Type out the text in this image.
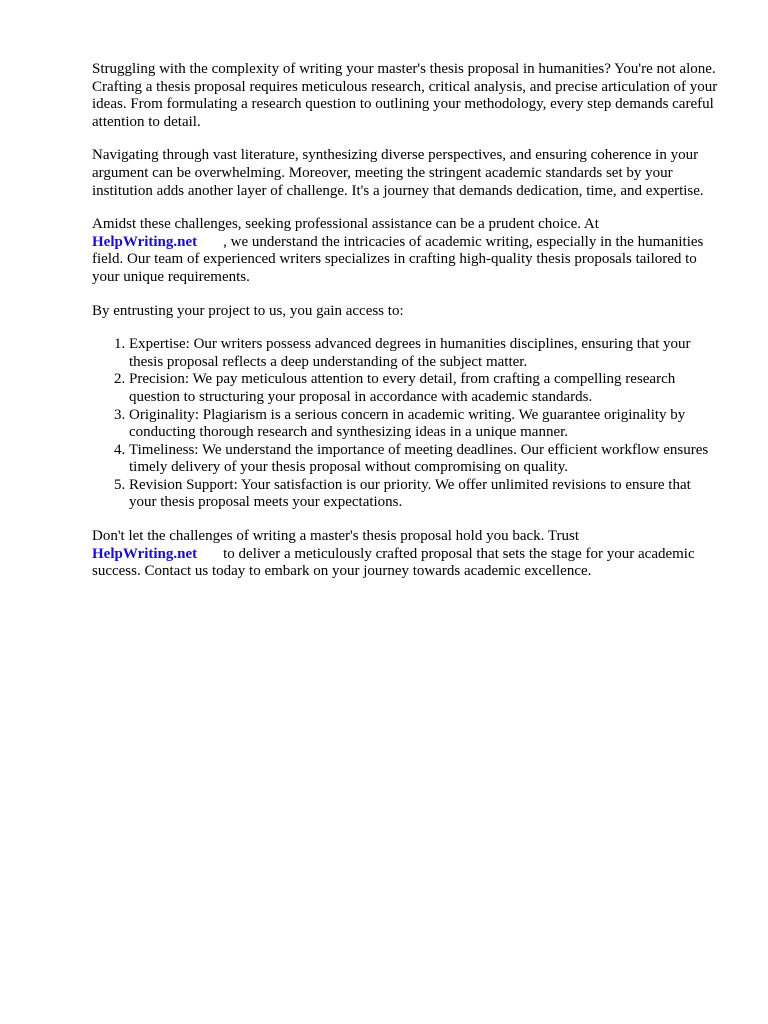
Struggling with the complexity of writing your master's thesis proposal in humanities? You're not alone. Crafting a thesis proposal requires meticulous research, critical analysis, and precise articulation of your ideas. From formulating a research question to outlining your methodology, every step demands careful attention to detail.

Navigating through vast literature, synthesizing diverse perspectives, and ensuring coherence in your argument can be overwhelming. Moreover, meeting the stringent academic standards set by your institution adds another layer of challenge. It's a journey that demands dedication, time, and expertise.

Amidst these challenges, seeking professional assistance can be a prudent choice. At
HelpWriting.net , we understand the intricacies of academic writing, especially in the humanities field. Our team of experienced writers specializes in crafting high-quality thesis proposals tailored to your unique requirements.

By entrusting your project to us, you gain access to:

1. Expertise: Our writers possess advanced degrees in humanities disciplines, ensuring that your thesis proposal reflects a deep understanding of the subject matter.
2. Precision: We pay meticulous attention to every detail, from crafting a compelling research question to structuring your proposal in accordance with academic standards.
3. Originality: Plagiarism is a serious concern in academic writing. We guarantee originality by conducting thorough research and synthesizing ideas in a unique manner.
4. Timeliness: We understand the importance of meeting deadlines. Our efficient workflow ensures timely delivery of your thesis proposal without compromising on quality.
5. Revision Support: Your satisfaction is our priority. We offer unlimited revisions to ensure that your thesis proposal meets your expectations.

Don't let the challenges of writing a master's thesis proposal hold you back. Trust
HelpWriting.net to deliver a meticulously crafted proposal that sets the stage for your academic success. Contact us today to embark on your journey towards academic excellence.
